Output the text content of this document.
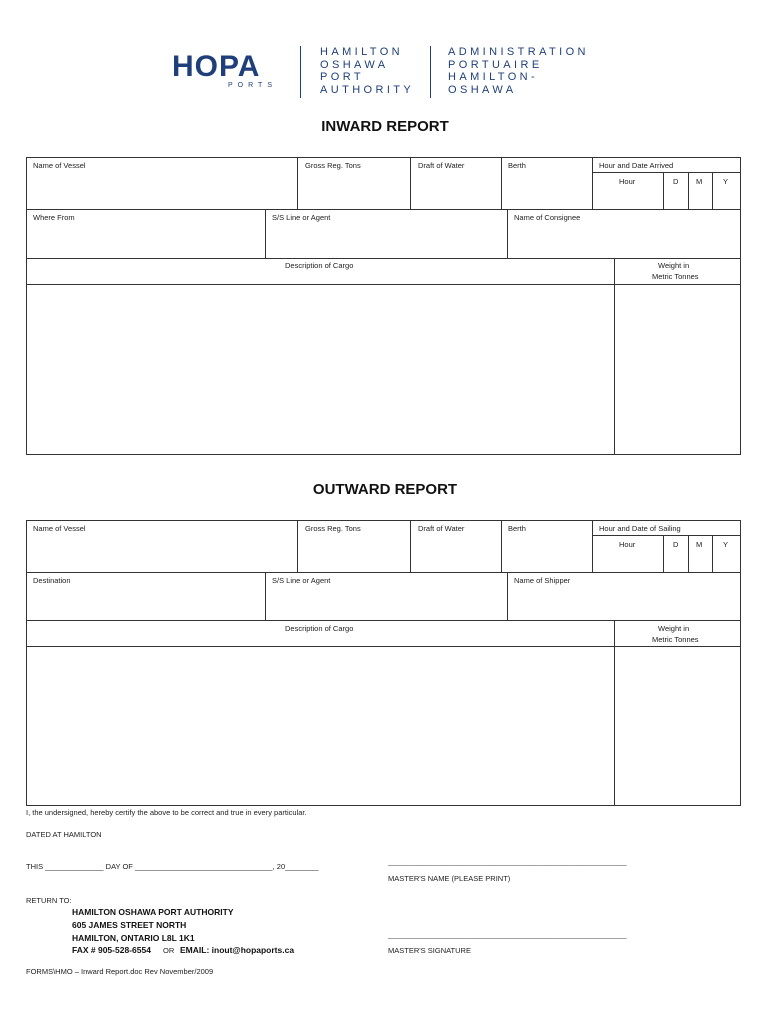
HOPA
PORTS
HAMILTON
OSHAWA
PORT
AUTHORITY
ADMINISTRATION
PORTUAIRE
HAMILTON-
OSHAWA
INWARD REPORT
Name of Vessel	Gross Reg. Tons	Draft of Water	Berth	Hour and Date Arrived
Hour	D M	Y
Where From	S/S Line or Agent	Name of Consignee
Description of Cargo	Weight in
Metric Tonnes
OUTWARD REPORT
Name of Vessel	Gross Reg. Tons	Draft of Water	Berth	Hour and Date of Sailing
Hour	D M	Y
Destination	S/S Line or Agent	Name of Shipper
Description of Cargo	Weight in
Metric Tonnes
I, the undersigned, hereby certify the above to be correct and true in every particular.
DATED AT HAMILTON
THIS ______________ DAY OF _________________________________, 20________	____________________________________________________________________________
MASTER'S NAME (PLEASE PRINT)
RETURN TO:
HAMILTON OSHAWA PORT AUTHORITY
605 JAMES STREET NORTH
HAMILTON, ONTARIO L8L 1K1
FAX # 905-528-6554 OR EMAIL: inout@hopaports.ca
____________________________________________________________________________
MASTER'S SIGNATURE
FORMS\HMO – Inward Report.doc Rev November/2009
